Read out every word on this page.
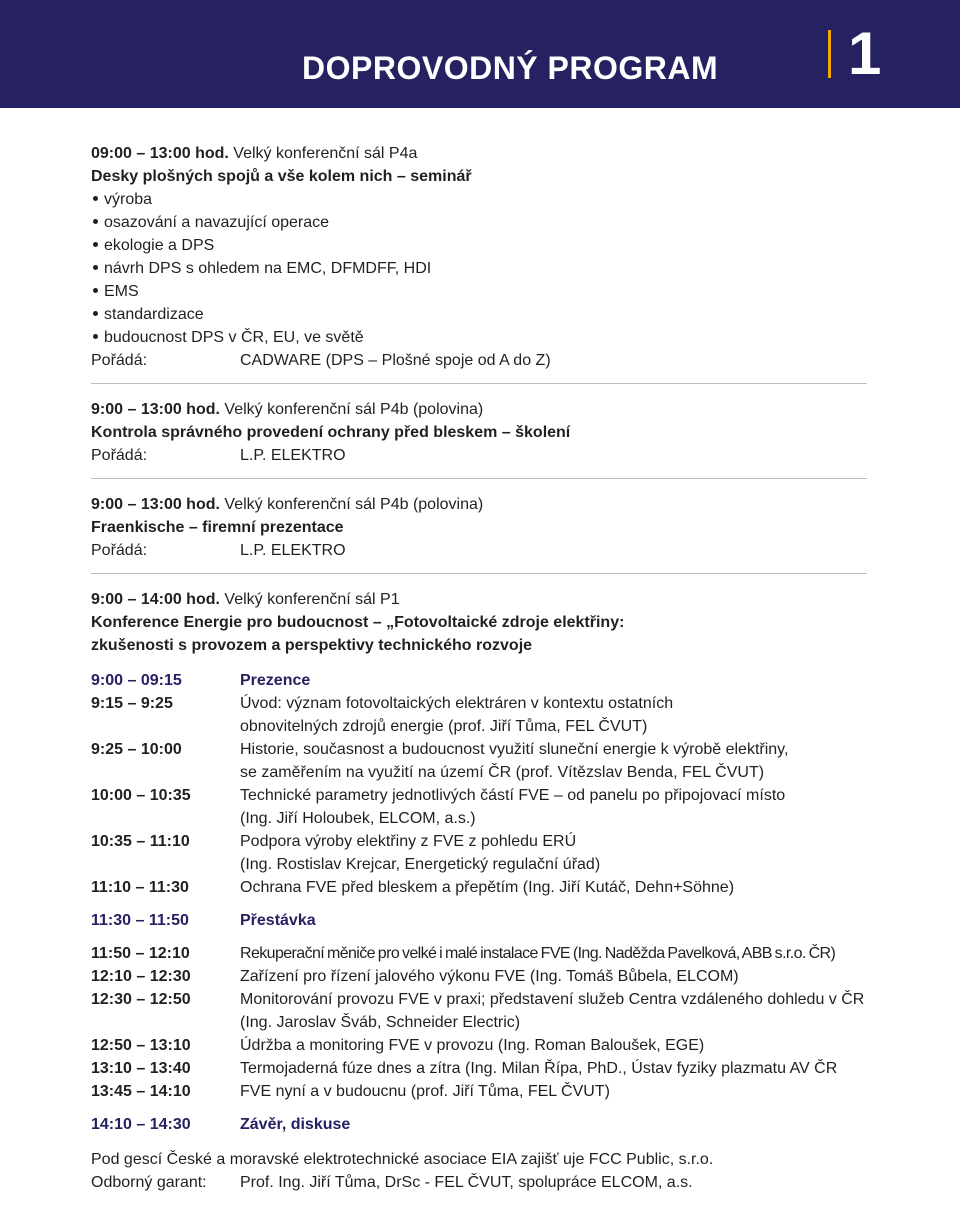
DOPROVODNÝ PROGRAM 1
09:00 – 13:00 hod. Velký konferenční sál P4a
Desky plošných spojů a vše kolem nich – seminář
výroba
osazování a navazující operace
ekologie a DPS
návrh DPS s ohledem na EMC, DFMDFF, HDI
EMS
standardizace
budoucnost DPS v ČR, EU, ve světě
Pořádá:	CADWARE (DPS – Plošné spoje od A do Z)
9:00 – 13:00 hod. Velký konferenční sál P4b (polovina)
Kontrola správného provedení ochrany před bleskem – školení
Pořádá:	L.P. ELEKTRO
9:00 – 13:00 hod. Velký konferenční sál P4b (polovina)
Fraenkische – firemní prezentace
Pořádá:	L.P. ELEKTRO
9:00 – 14:00 hod. Velký konferenční sál P1
Konference Energie pro budoucnost – „Fotovoltaické zdroje elektřiny:
zkušenosti s provozem a perspektivy technického rozvoje
9:00 – 09:15	Prezence
9:15 – 9:25	Úvod: význam fotovoltaických elektráren v kontextu ostatních
obnovitelných zdrojů energie (prof. Jiří Tůma, FEL ČVUT)
9:25 – 10:00	Historie, současnost a budoucnost využití sluneční energie k výrobě elektřiny,
se zaměřením na využití na území ČR (prof. Vítězslav Benda, FEL ČVUT)
10:00 – 10:35	Technické parametry jednotlivých částí FVE – od panelu po připojovací místo
(Ing. Jiří Holoubek, ELCOM, a.s.)
10:35 – 11:10	Podpora výroby elektřiny z FVE z pohledu ERÚ
(Ing. Rostislav Krejcar, Energetický regulační úřad)
11:10 – 11:30	Ochrana FVE před bleskem a přepětím (Ing. Jiří Kutáč, Dehn+Söhne)
11:30 – 11:50	Přestávka
11:50 – 12:10	Rekuperační měniče pro velké i malé instalace FVE (Ing. Naděžda Pavelková, ABB s.r.o. ČR)
12:10 – 12:30	Zařízení pro řízení jalového výkonu FVE (Ing. Tomáš Bůbela, ELCOM)
12:30 – 12:50	Monitorování provozu FVE v praxi; představení služeb Centra vzdáleného dohledu v ČR
(Ing. Jaroslav Šváb, Schneider Electric)
12:50 – 13:10	Údržba a monitoring FVE v provozu (Ing. Roman Baloušek, EGE)
13:10 – 13:40	Termojaderná fúze dnes a zítra (Ing. Milan Řípa, PhD., Ústav fyziky plazmatu AV ČR
13:45 – 14:10	FVE nyní a v budoucnu (prof. Jiří Tůma, FEL ČVUT)
14:10 – 14:30	Závěr, diskuse
Pod gescí České a moravské elektrotechnické asociace EIA zajišť uje FCC Public, s.r.o.
Odborný garant: Prof. Ing. Jiří Tůma, DrSc - FEL ČVUT, spolupráce ELCOM, a.s.
